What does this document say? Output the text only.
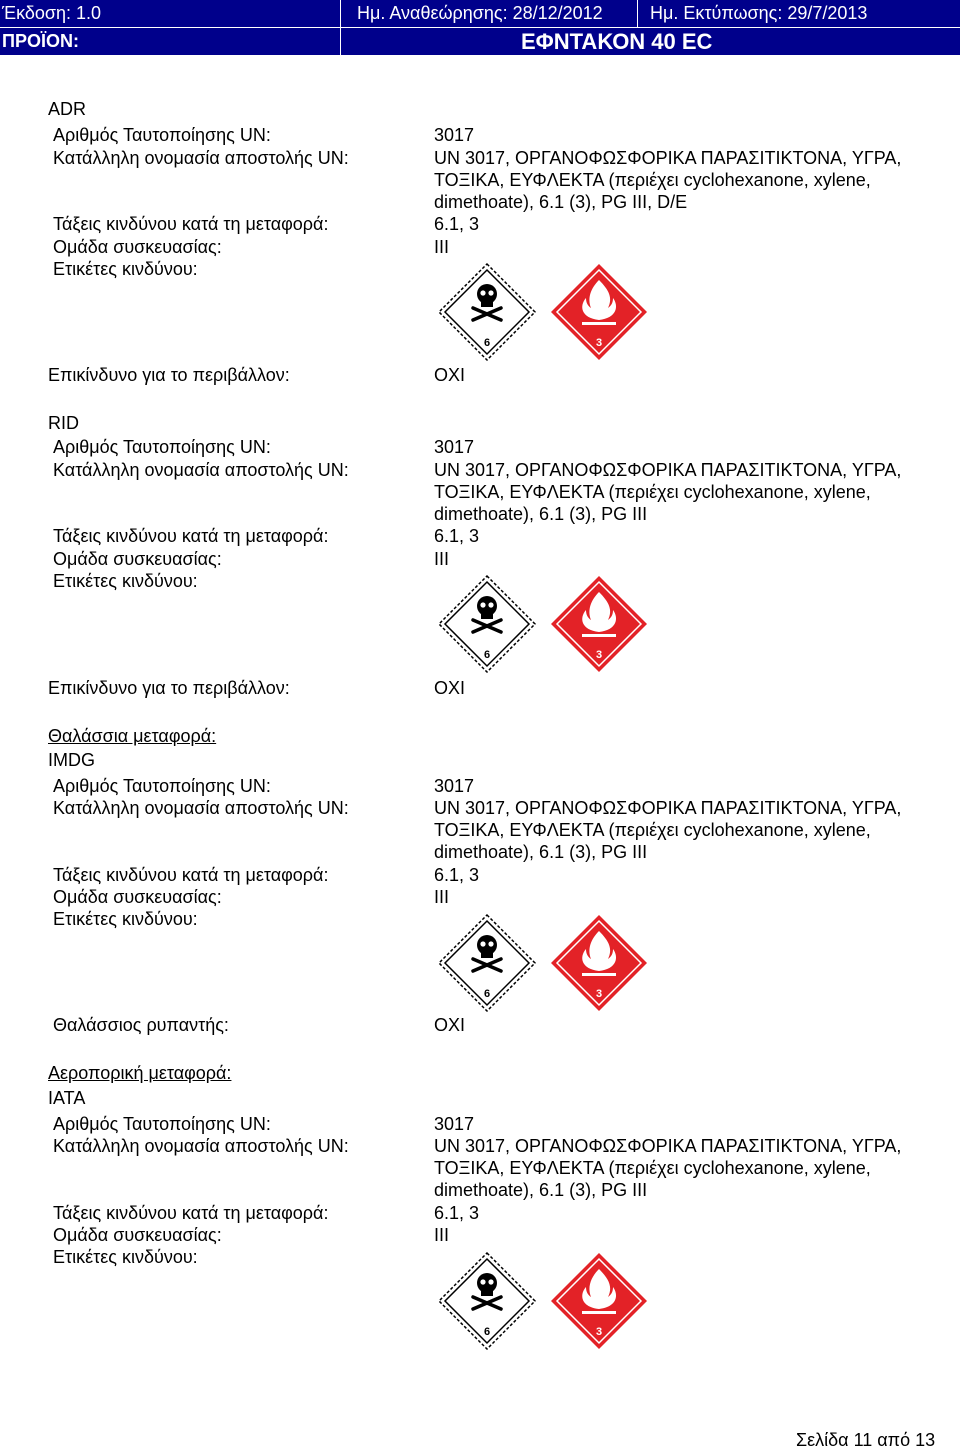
Έκδοση: 1.0	Ημ. Αναθεώρησης: 28/12/2012	Ημ. Εκτύπωσης: 29/7/2013
ΠΡΟΪΟΝ:	ΕΦΝΤΑΚΟΝ 40 EC
ADR
Αριθμός Ταυτοποίησης UN:	3017
Κατάλληλη ονομασία αποστολής UN:	UN 3017, ΟΡΓΑΝΟΦΩΣΦΟΡΙΚΑ ΠΑΡΑΣΙΤΙΚΤΟΝΑ, ΥΓΡΑ,
ΤΟΞΙΚΑ, ΕΥΦΛΕΚΤΑ (περιέχει cyclohexanone, xylene,
dimethoate), 6.1 (3), PG III, D/E
Τάξεις κινδύνου κατά τη μεταφορά:	6.1, 3
Ομάδα συσκευασίας:	III
Ετικέτες κινδύνου:
6	3
Επικίνδυνο για το περιβάλλον:	ΟΧΙ
RID
Αριθμός Ταυτοποίησης UN:	3017
Κατάλληλη ονομασία αποστολής UN:	UN 3017, ΟΡΓΑΝΟΦΩΣΦΟΡΙΚΑ ΠΑΡΑΣΙΤΙΚΤΟΝΑ, ΥΓΡΑ,
ΤΟΞΙΚΑ, ΕΥΦΛΕΚΤΑ (περιέχει cyclohexanone, xylene,
dimethoate), 6.1 (3), PG III
Τάξεις κινδύνου κατά τη μεταφορά:	6.1, 3
Ομάδα συσκευασίας:	III
Ετικέτες κινδύνου:
6	3
Επικίνδυνο για το περιβάλλον:	ΟΧΙ
Θαλάσσια μεταφορά:
IMDG
Αριθμός Ταυτοποίησης UN:	3017
Κατάλληλη ονομασία αποστολής UN:	UN 3017, ΟΡΓΑΝΟΦΩΣΦΟΡΙΚΑ ΠΑΡΑΣΙΤΙΚΤΟΝΑ, ΥΓΡΑ,
ΤΟΞΙΚΑ, ΕΥΦΛΕΚΤΑ (περιέχει cyclohexanone, xylene,
dimethoate), 6.1 (3), PG III
Τάξεις κινδύνου κατά τη μεταφορά:	6.1, 3
Ομάδα συσκευασίας:	III
Ετικέτες κινδύνου:
6	3
Θαλάσσιος ρυπαντής:	ΟΧΙ
Αεροπορική μεταφορά:
IATA
Αριθμός Ταυτοποίησης UN:	3017
Κατάλληλη ονομασία αποστολής UN:	UN 3017, ΟΡΓΑΝΟΦΩΣΦΟΡΙΚΑ ΠΑΡΑΣΙΤΙΚΤΟΝΑ, ΥΓΡΑ,
ΤΟΞΙΚΑ, ΕΥΦΛΕΚΤΑ (περιέχει cyclohexanone, xylene,
dimethoate), 6.1 (3), PG III
Τάξεις κινδύνου κατά τη μεταφορά:	6.1, 3
Ομάδα συσκευασίας:	III
Ετικέτες κινδύνου:
6	3
Σελίδα 11 από 13
